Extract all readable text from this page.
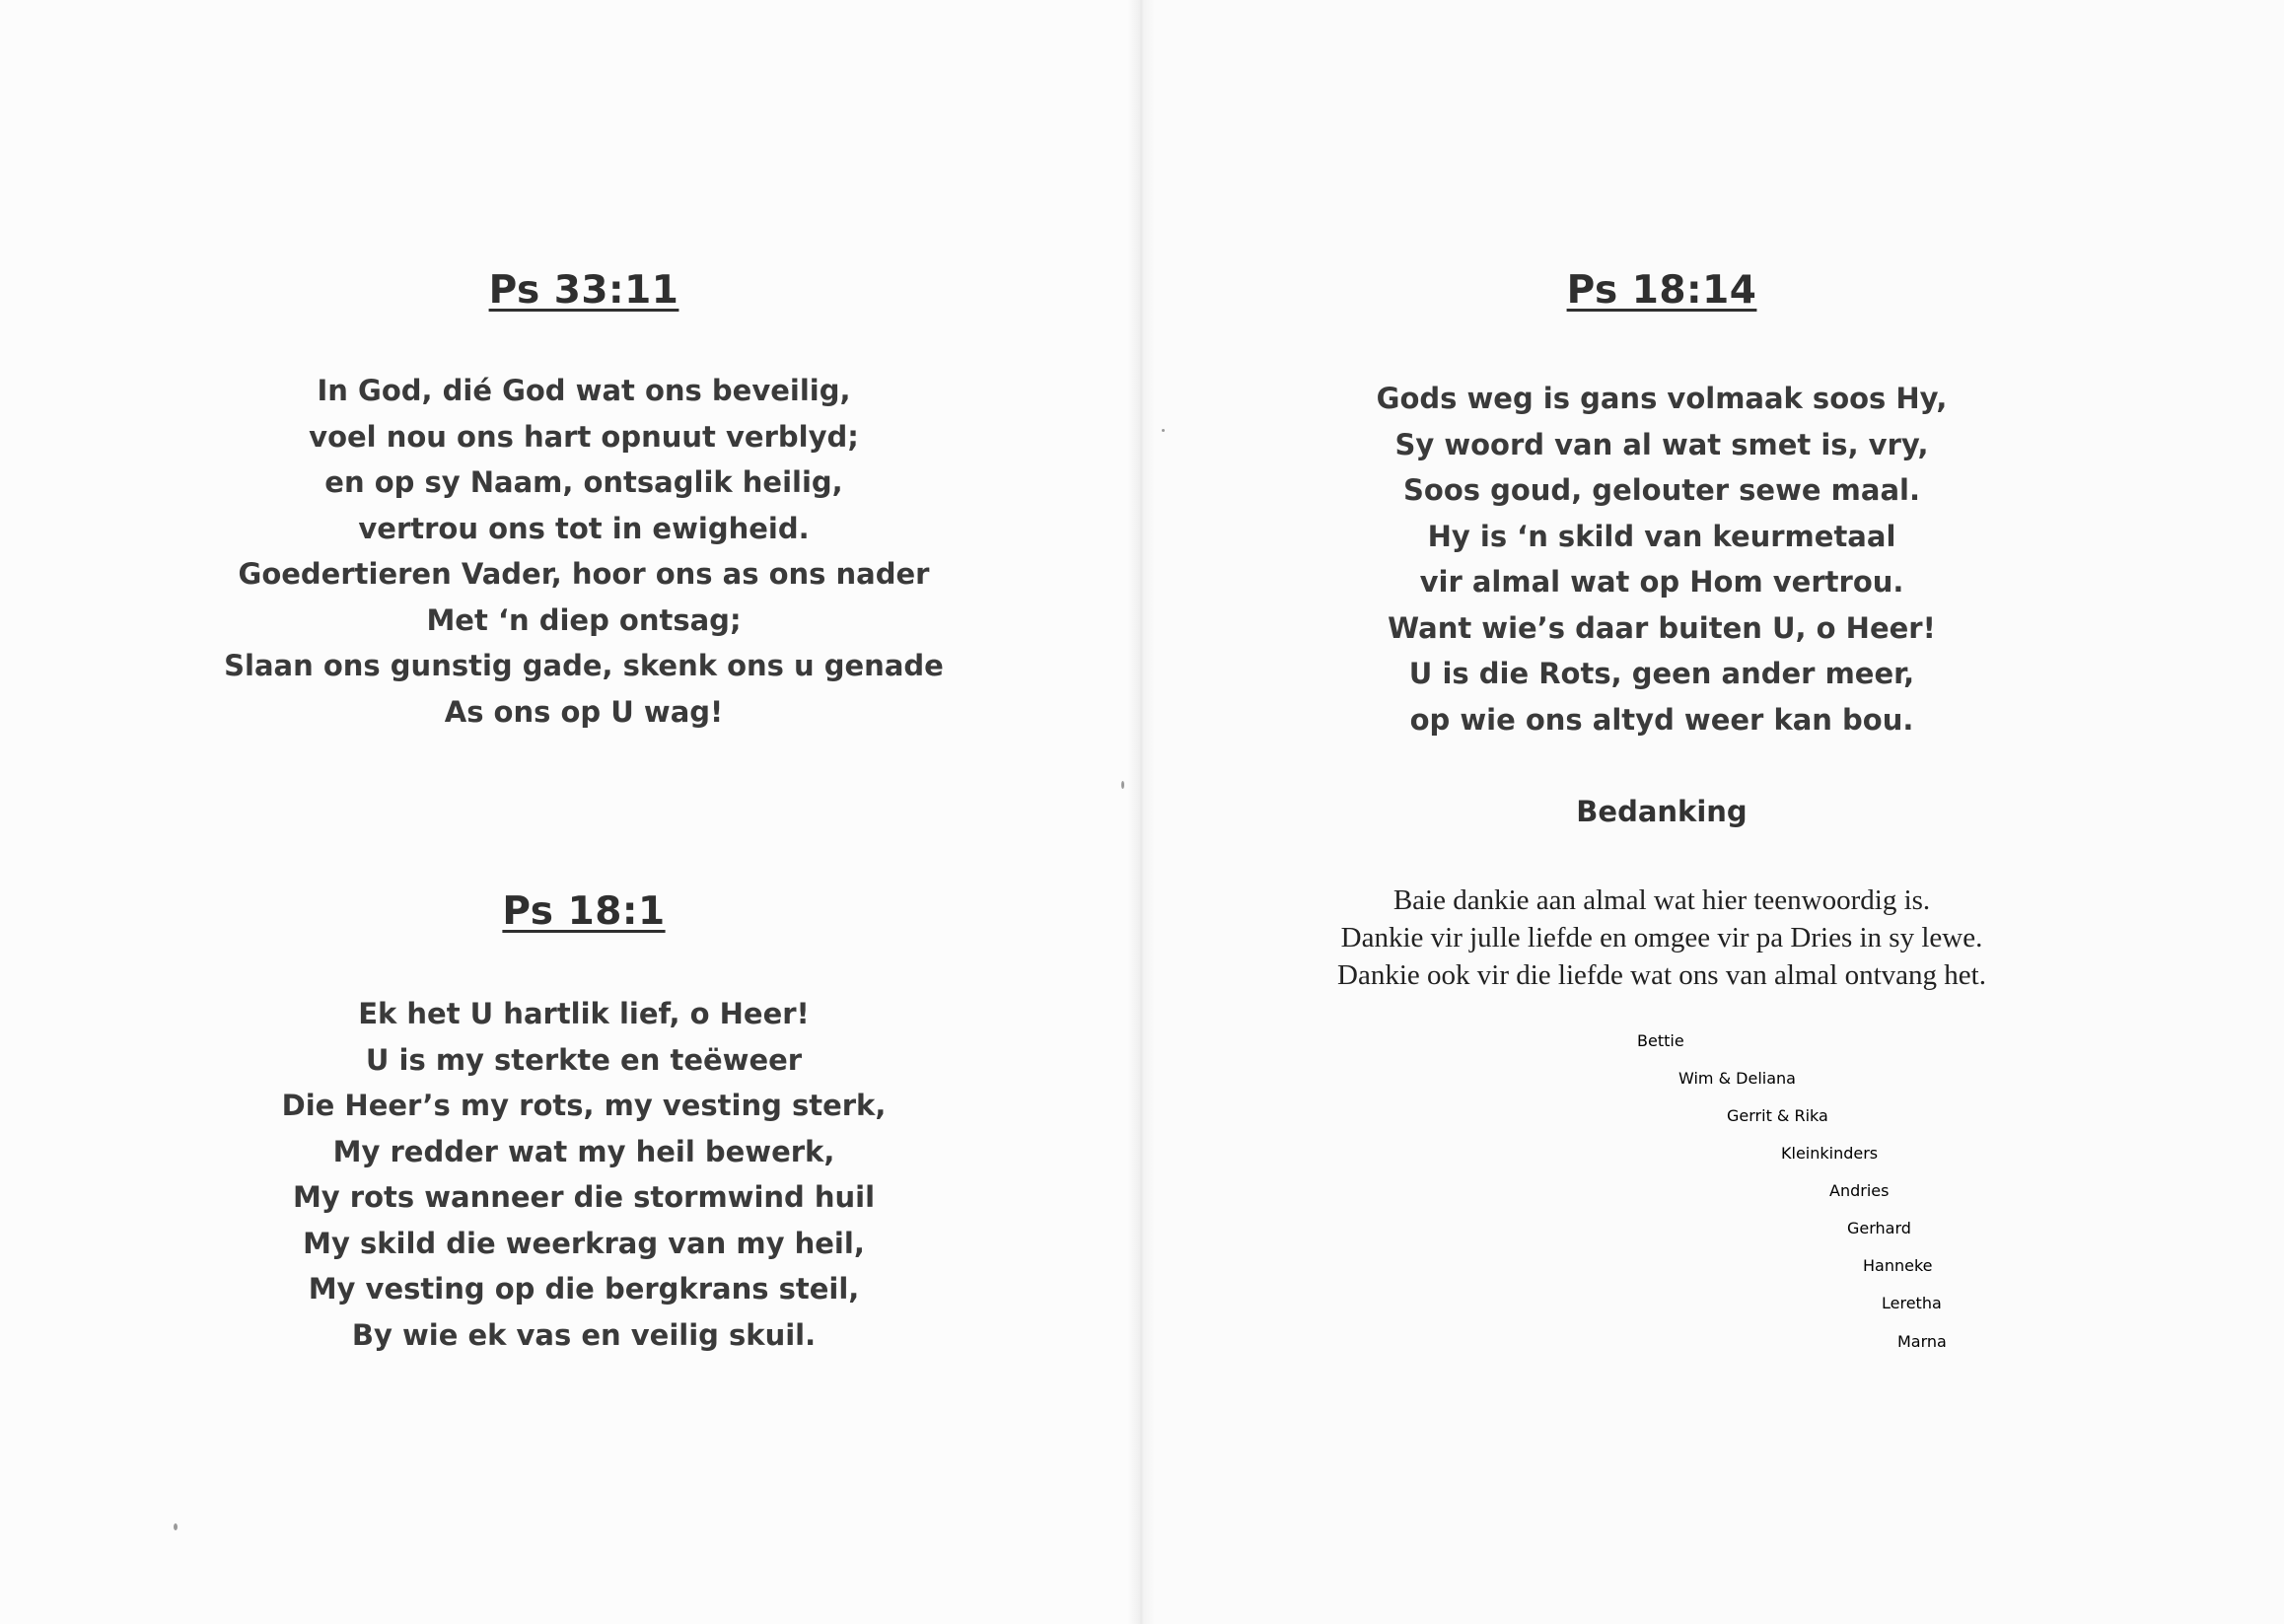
Ps 33:11
In God, dié God wat ons beveilig,
voel nou ons hart opnuut verblyd;
en op sy Naam, ontsaglik heilig,
vertrou ons tot in ewigheid.
Goedertieren Vader, hoor ons as ons nader
Met ‘n diep ontsag;
Slaan ons gunstig gade, skenk ons u genade
As ons op U wag!
Ps 18:1
Ek het U hartlik lief, o Heer!
U is my sterkte en teëweer
Die Heer’s my rots, my vesting sterk,
My redder wat my heil bewerk,
My rots wanneer die stormwind huil
My skild die weerkrag van my heil,
My vesting op die bergkrans steil,
By wie ek vas en veilig skuil.
Ps 18:14
Gods weg is gans volmaak soos Hy,
Sy woord van al wat smet is, vry,
Soos goud, gelouter sewe maal.
Hy is ‘n skild van keurmetaal
vir almal wat op Hom vertrou.
Want wie’s daar buiten U, o Heer!
U is die Rots, geen ander meer,
op wie ons altyd weer kan bou.
Bedanking
Baie dankie aan almal wat hier teenwoordig is.
Dankie vir julle liefde en omgee vir pa Dries in sy lewe.
Dankie ook vir die liefde wat ons van almal ontvang het.
Bettie
Wim & Deliana
Gerrit & Rika
Kleinkinders
Andries
Gerhard
Hanneke
Leretha
Marna
